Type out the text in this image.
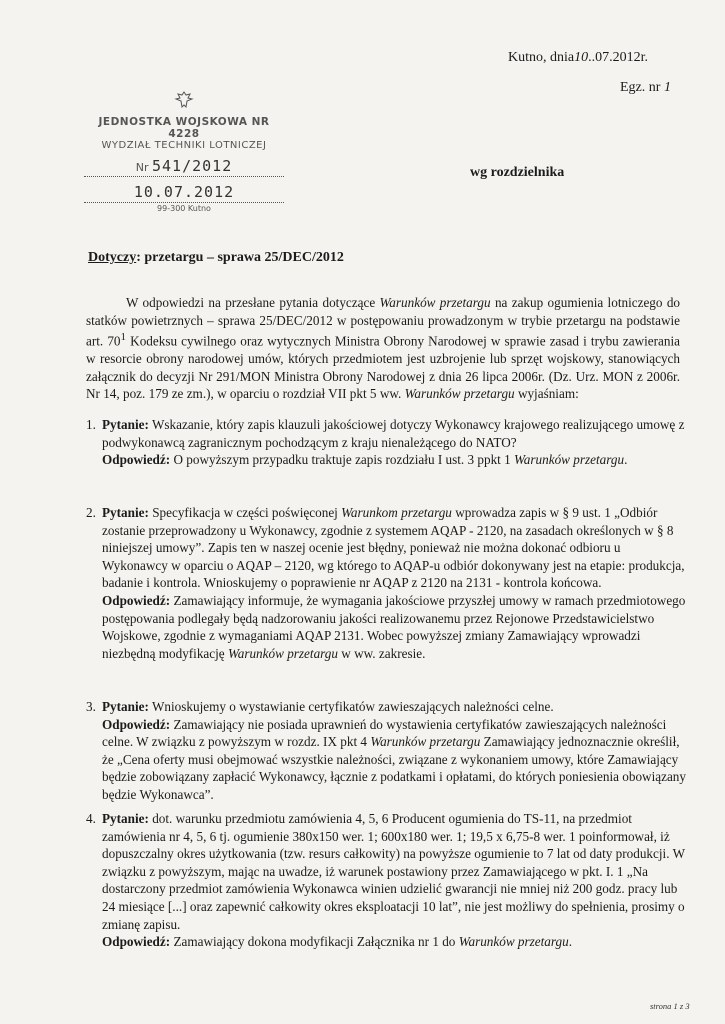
Kutno, dnia10..07.2012r.
Egz. nr 1
JEDNOSTKA WOJSKOWA NR 4228
WYDZIAŁ TECHNIKI LOTNICZEJ
Nr 541/2012
10.07.2012
99-300 Kutno
wg rozdzielnika
Dotyczy: przetargu – sprawa 25/DEC/2012

W odpowiedzi na przesłane pytania dotyczące Warunków przetargu na zakup ogumienia lotniczego do statków powietrznych – sprawa 25/DEC/2012 w postępowaniu prowadzonym w trybie przetargu na podstawie art. $70^1$ Kodeksu cywilnego oraz wytycznych Ministra Obrony Narodowej w sprawie zasad i trybu zawierania w resorcie obrony narodowej umów, których przedmiotem jest uzbrojenie lub sprzęt wojskowy, stanowiących załącznik do decyzji Nr 291/MON Ministra Obrony Narodowej z dnia 26 lipca 2006r. (Dz. Urz. MON z 2006r. Nr 14, poz. 179 ze zm.), w oparciu o rozdział VII pkt 5 ww. Warunków przetargu wyjaśniam:

1. Pytanie: Wskazanie, który zapis klauzuli jakościowej dotyczy Wykonawcy krajowego realizującego umowę z podwykonawcą zagranicznym pochodzącym z kraju nienależącego do NATO?

Odpowiedź: O powyższym przypadku traktuje zapis rozdziału I ust. 3 ppkt 1 Warunków przetargu.

2. Pytanie: Specyfikacja w części poświęconej Warunkom przetargu wprowadza zapis w § 9 ust. 1 „Odbiór zostanie przeprowadzony u Wykonawcy, zgodnie z systemem AQAP - 2120, na zasadach określonych w § 8 niniejszej umowy”. Zapis ten w naszej ocenie jest błędny, ponieważ nie można dokonać odbioru u Wykonawcy w oparciu o AQAP – 2120, wg którego to AQAP-u odbiór dokonywany jest na etapie: produkcja, badanie i kontrola. Wnioskujemy o poprawienie nr AQAP z 2120 na 2131 - kontrola końcowa.

Odpowiedź: Zamawiający informuje, że wymagania jakościowe przyszłej umowy w ramach przedmiotowego postępowania podlegały będą nadzorowaniu jakości realizowanemu przez Rejonowe Przedstawicielstwo Wojskowe, zgodnie z wymaganiami AQAP 2131. Wobec powyższej zmiany Zamawiający wprowadzi niezbędną modyfikację Warunków przetargu w ww. zakresie.

3. Pytanie: Wnioskujemy o wystawianie certyfikatów zawieszających należności celne.

Odpowiedź: Zamawiający nie posiada uprawnień do wystawienia certyfikatów zawieszających należności celne. W związku z powyższym w rozdz. IX pkt 4 Warunków przetargu Zamawiający jednoznacznie określił, że „Cena oferty musi obejmować wszystkie należności, związane z wykonaniem umowy, które Zamawiający będzie zobowiązany zapłacić Wykonawcy, łącznie z podatkami i opłatami, do których poniesienia obowiązany będzie Wykonawca”.

4. Pytanie: dot. warunku przedmiotu zamówienia 4, 5, 6 Producent ogumienia do TS-11, na przedmiot zamówienia nr 4, 5, 6 tj. ogumienie 380x150 wer. 1; 600x180 wer. 1; 19,5 x 6,75-8 wer. 1 poinformował, iż dopuszczalny okres użytkowania (tzw. resurs całkowity) na powyższe ogumienie to 7 lat od daty produkcji. W związku z powyższym, mając na uwadze, iż warunek postawiony przez Zamawiającego w pkt. I. 1 „Na dostarczony przedmiot zamówienia Wykonawca winien udzielić gwarancji nie mniej niż 200 godz. pracy lub 24 miesiące [...] oraz zapewnić całkowity okres eksploatacji 10 lat”, nie jest możliwy do spełnienia, prosimy o zmianę zapisu.

Odpowiedź: Zamawiający dokona modyfikacji Załącznika nr 1 do Warunków przetargu.

strona 1 z 3
